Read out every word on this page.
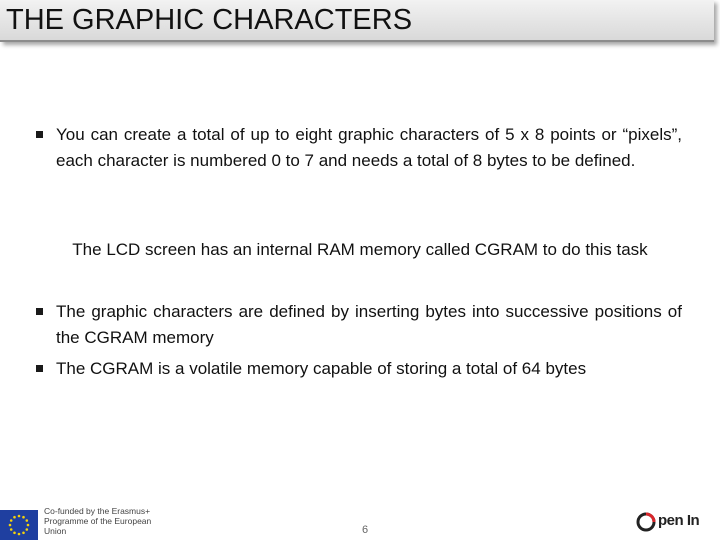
THE GRAPHIC CHARACTERS
You can create a total of up to eight graphic characters of 5 x 8 points or “pixels”, each character is numbered 0 to 7 and needs a total of 8 bytes to be defined.
The LCD screen has an internal RAM memory called CGRAM to do this task
The graphic characters are defined by inserting bytes into successive positions of the CGRAM memory
The CGRAM is a volatile memory capable of storing a total of 64 bytes
Co-funded by the Erasmus+ Programme of the European Union	6
pen In
